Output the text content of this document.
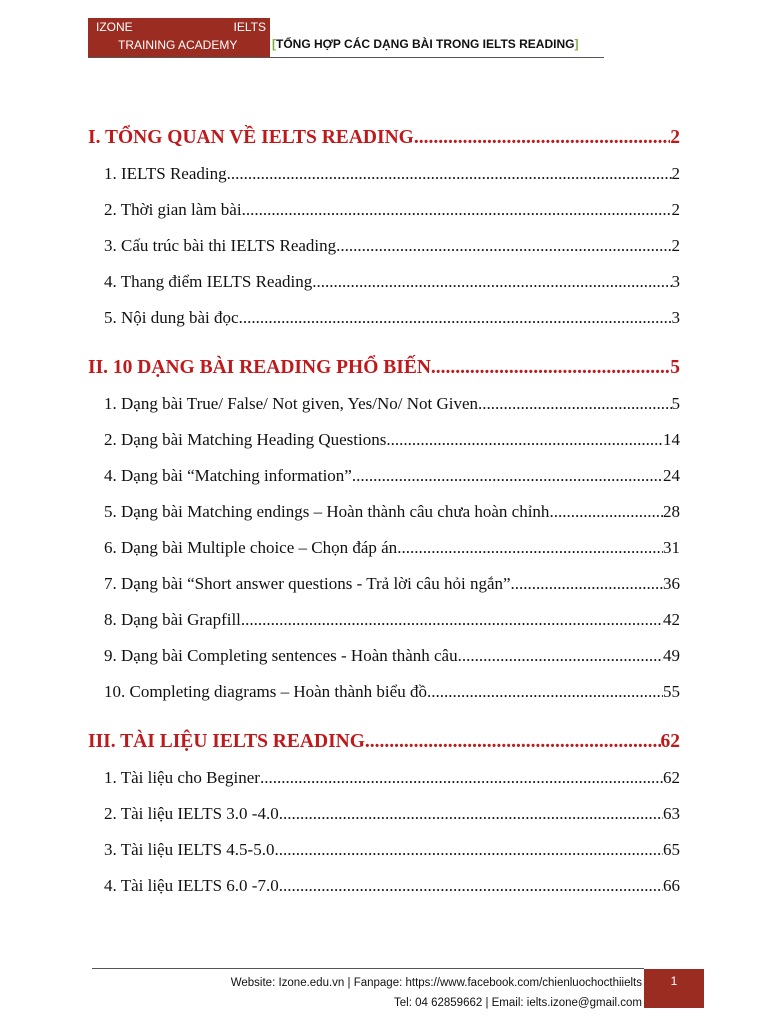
IZONE	IELTS
TRAINING ACADEMY	[TỔNG HỢP CÁC DẠNG BÀI TRONG IELTS READING]
I. TỔNG QUAN VỀ IELTS READING .....	2
1. IELTS Reading .....	2
2. Thời gian làm bài .....	2
3. Cấu trúc bài thi IELTS Reading .....	2
4. Thang điểm IELTS Reading .....	3
5. Nội dung bài đọc .....	3
II. 10 DẠNG BÀI READING PHỔ BIẾN .....	5
1. Dạng bài True/ False/ Not given, Yes/No/ Not Given .....	5
2. Dạng bài Matching Heading Questions .....	14
4. Dạng bài “Matching information” .....	24
5. Dạng bài Matching endings – Hoàn thành câu chưa hoàn chỉnh .....	28
6. Dạng bài Multiple choice – Chọn đáp án .....	31
7. Dạng bài “Short answer questions - Trả lời câu hỏi ngắn” .....	36
8. Dạng bài Grapfill .....	42
9. Dạng bài Completing sentences - Hoàn thành câu .....	49
10. Completing diagrams – Hoàn thành biểu đồ .....	55
III. TÀI LIỆU IELTS READING .....	62
1. Tài liệu cho Beginer .....	62
2. Tài liệu IELTS 3.0 -4.0 .....	63
3. Tài liệu IELTS 4.5-5.0 .....	65
4. Tài liệu IELTS 6.0 -7.0 .....	66
Website: Izone.edu.vn | Fanpage: https://www.facebook.com/chienluochocthiielts
Tel: 04 62859662 | Email: ielts.izone@gmail.com
1
